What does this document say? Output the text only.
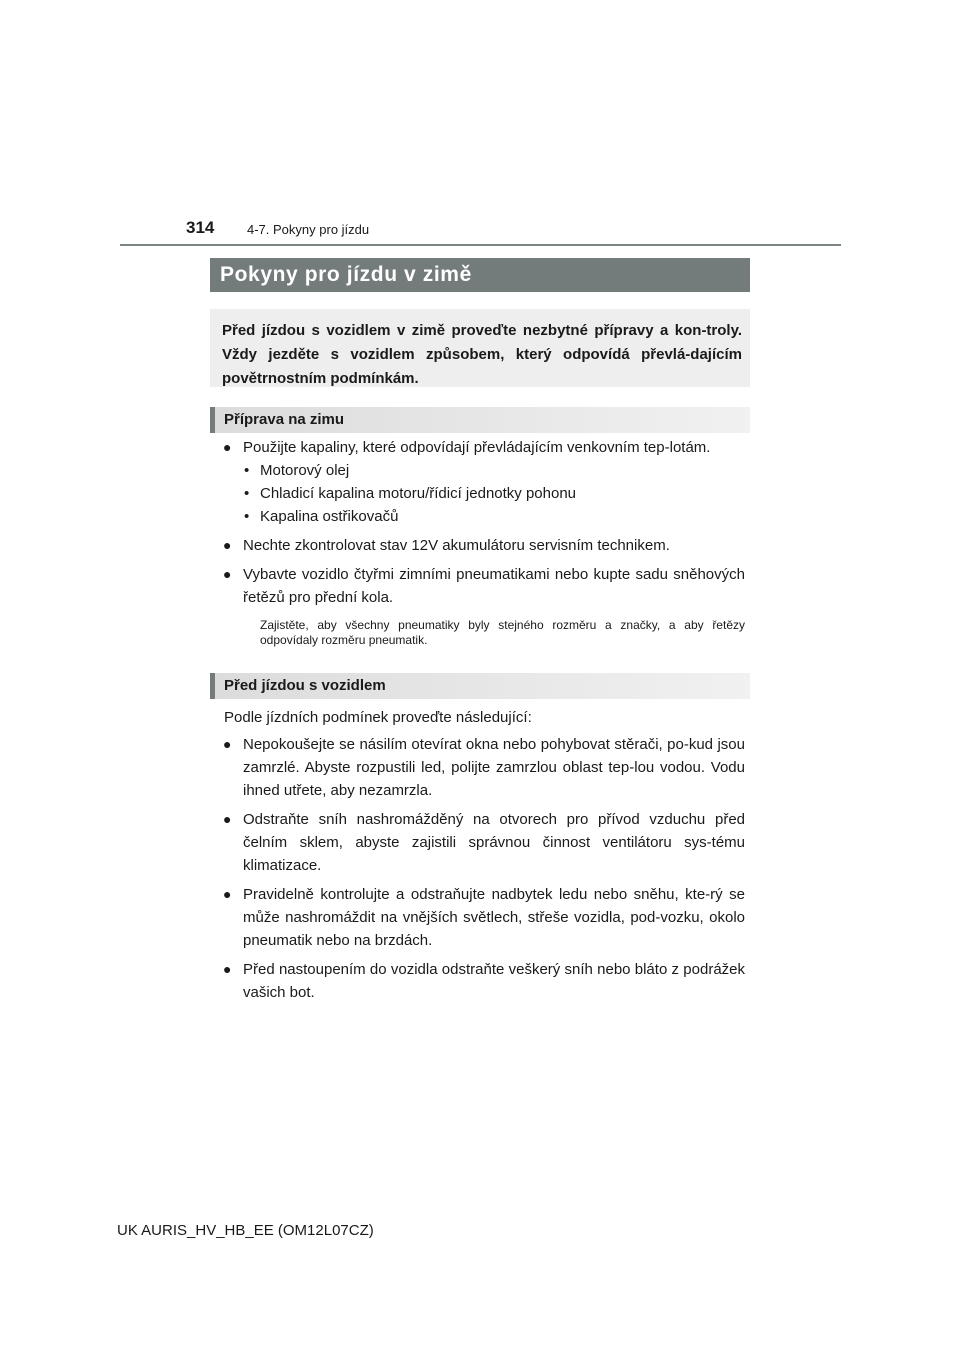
314	4-7. Pokyny pro jízdu
Pokyny pro jízdu v zimě
Před jízdou s vozidlem v zimě proveďte nezbytné přípravy a kon-troly. Vždy jezděte s vozidlem způsobem, který odpovídá převlá-dajícím povětrnostním podmínkám.
Příprava na zimu
● Použijte kapaliny, které odpovídají převládajícím venkovním tep-lotám.
• Motorový olej
• Chladicí kapalina motoru/řídicí jednotky pohonu
• Kapalina ostřikovačů
● Nechte zkontrolovat stav 12V akumulátoru servisním technikem.
● Vybavte vozidlo čtyřmi zimními pneumatikami nebo kupte sadu sněhových řetězů pro přední kola.
Zajistěte, aby všechny pneumatiky byly stejného rozměru a značky, a aby řetězy odpovídaly rozměru pneumatik.
Před jízdou s vozidlem
Podle jízdních podmínek proveďte následující:
● Nepokoušejte se násilím otevírat okna nebo pohybovat stěrači, po-kud jsou zamrzlé. Abyste rozpustili led, polijte zamrzlou oblast tep-lou vodou. Vodu ihned utřete, aby nezamrzla.
● Odstraňte sníh nashromážděný na otvorech pro přívod vzduchu před čelním sklem, abyste zajistili správnou činnost ventilátoru sys-tému klimatizace.
● Pravidelně kontrolujte a odstraňujte nadbytek ledu nebo sněhu, kte-rý se může nashromáždit na vnějších světlech, střeše vozidla, pod-vozku, okolo pneumatik nebo na brzdách.
● Před nastoupením do vozidla odstraňte veškerý sníh nebo bláto z podrážek vašich bot.
UK AURIS_HV_HB_EE (OM12L07CZ)
